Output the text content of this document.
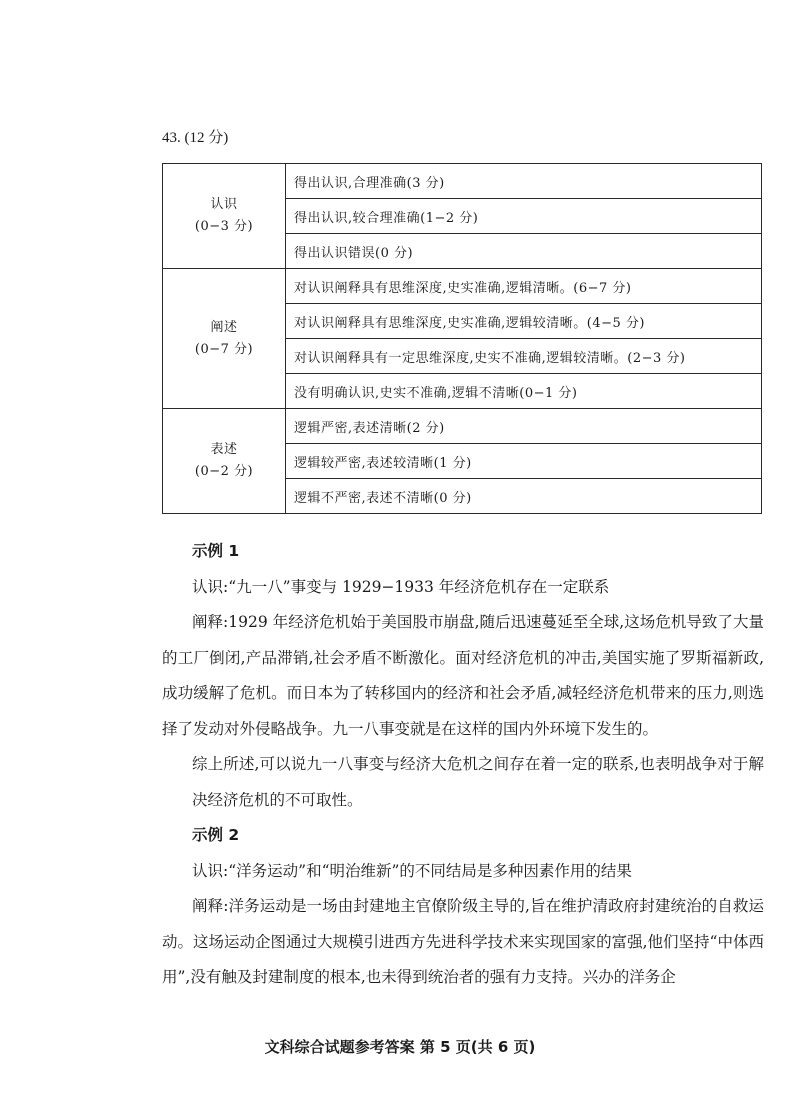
43. (12 分)
认识
(0−3 分)	得出认识,合理准确(3 分)
	得出认识,较合理准确(1−2 分)
	得出认识错误(0 分)

阐述
(0−7 分)	对认识阐释具有思维深度,史实准确,逻辑清晰。(6−7 分)
	对认识阐释具有思维深度,史实准确,逻辑较清晰。(4−5 分)
	对认识阐释具有一定思维深度,史实不准确,逻辑较清晰。(2−3 分)
	没有明确认识,史实不准确,逻辑不清晰(0−1 分)

表述
(0−2 分)	逻辑严密,表述清晰(2 分)
	逻辑较严密,表述较清晰(1 分)
	逻辑不严密,表述不清晰(0 分)

示例 1

认识:“九一八”事变与 1929−1933 年经济危机存在一定联系

阐释:1929 年经济危机始于美国股市崩盘,随后迅速蔓延至全球,这场危机导致了大量的工厂倒闭,产品滞销,社会矛盾不断激化。面对经济危机的冲击,美国实施了罗斯福新政,成功缓解了危机。而日本为了转移国内的经济和社会矛盾,减轻经济危机带来的压力,则选择了发动对外侵略战争。九一八事变就是在这样的国内外环境下发生的。

综上所述,可以说九一八事变与经济大危机之间存在着一定的联系,也表明战争对于解决经济危机的不可取性。

示例 2

认识:“洋务运动”和“明治维新”的不同结局是多种因素作用的结果

阐释:洋务运动是一场由封建地主官僚阶级主导的,旨在维护清政府封建统治的自救运动。这场运动企图通过大规模引进西方先进科学技术来实现国家的富强,他们坚持“中体西用”,没有触及封建制度的根本,也未得到统治者的强有力支持。兴办的洋务企

文科综合试题参考答案 第 5 页(共 6 页)
